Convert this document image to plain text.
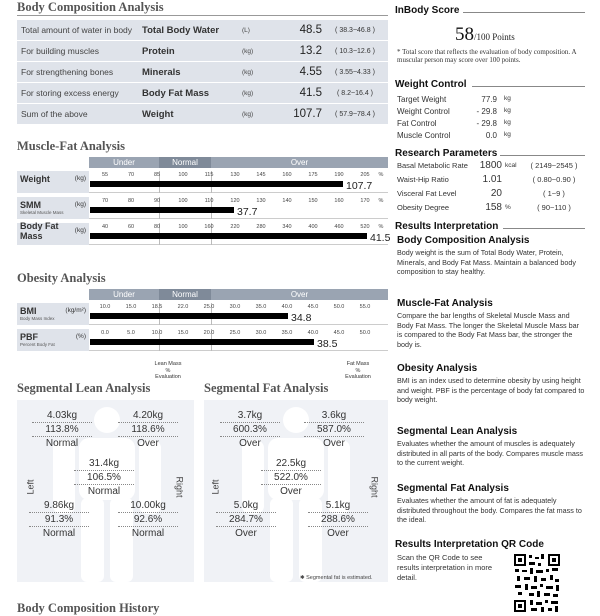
Body Composition Analysis
Total amount of water in body	Total Body Water	(L)	48.5	( 38.3~46.8 )
For building muscles	Protein	(kg)	13.2	( 10.3~12.6 )
For strengthening bones	Minerals	(kg)	4.55	( 3.55~4.33 )
For storing excess energy	Body Fat Mass	(kg)	41.5	( 8.2~16.4 )
Sum of the above	Weight	(kg)	107.7	( 57.9~78.4 )
Muscle-Fat Analysis
Under	Normal	Over
Weight	(kg)	55	70	85	100	115	130	145	160	175	190	205 %
107.7
SMM	(kg)
Skeletal Muscle Mass
70	80	90	100	110	120	130	140	150	160	170 %
37.7
Body Fat Mass	(kg)	40	60	80	100	160	220	280	340	400	460	520 %
41.5
Obesity Analysis
Under	Normal	Over
BMI	(kg/m²)
Body Mass Index
10.0	15.0	18.5	22.0	25.0	30.0	35.0	40.0	45.0	50.0	55.0
34.8
PBF	(%)
Percent Body Fat
0.0	5.0	10.0	15.0	20.0	25.0	30.0	35.0	40.0	45.0	50.0
38.5
Lean Mass
%
Evaluation
Fat Mass
%
Evaluation
Segmental Lean Analysis
Left	Right
4.03kg
113.8%
Normal
4.20kg
118.6%
Over
31.4kg
106.5%
Normal
9.86kg
91.3%
Normal
10.00kg
92.6%
Normal
Segmental Fat Analysis
Left	Right
3.7kg
600.3%
Over
3.6kg
587.0%
Over
22.5kg
522.0%
Over
5.0kg
284.7%
Over
5.1kg
288.6%
Over
✱ Segmental fat is estimated.
Body Composition History
InBody Score
58/100 Points
* Total score that reflects the evaluation of body composition. A muscular person may score over 100 points.
Weight Control
Target Weight	77.9 kg
Weight Control	- 29.8 kg
Fat Control	- 29.8 kg
Muscle Control	0.0 kg
Research Parameters
Basal Metabolic Rate	1800 kcal	( 2149~2545 )
Waist-Hip Ratio	1.01	( 0.80~0.90 )
Visceral Fat Level	20	( 1~9 )
Obesity Degree	158 %	( 90~110 )
Results Interpretation
Body Composition Analysis
Body weight is the sum of Total Body Water, Protein, Minerals, and Body Fat Mass. Maintain a balanced body composition to stay healthy.
Muscle-Fat Analysis
Compare the bar lengths of Skeletal Muscle Mass and Body Fat Mass. The longer the Skeletal Muscle Mass bar is compared to the Body Fat Mass bar, the stronger the body is.
Obesity Analysis
BMI is an index used to determine obesity by using height and weight. PBF is the percentage of body fat compared to body weight.
Segmental Lean Analysis
Evaluates whether the amount of muscles is adequately distributed in all parts of the body. Compares muscle mass to the current weight.
Segmental Fat Analysis
Evaluates whether the amount of fat is adequately distributed throughout the body. Compares the fat mass to the ideal.
Results Interpretation QR Code
Scan the QR Code to see results interpretation in more detail.
